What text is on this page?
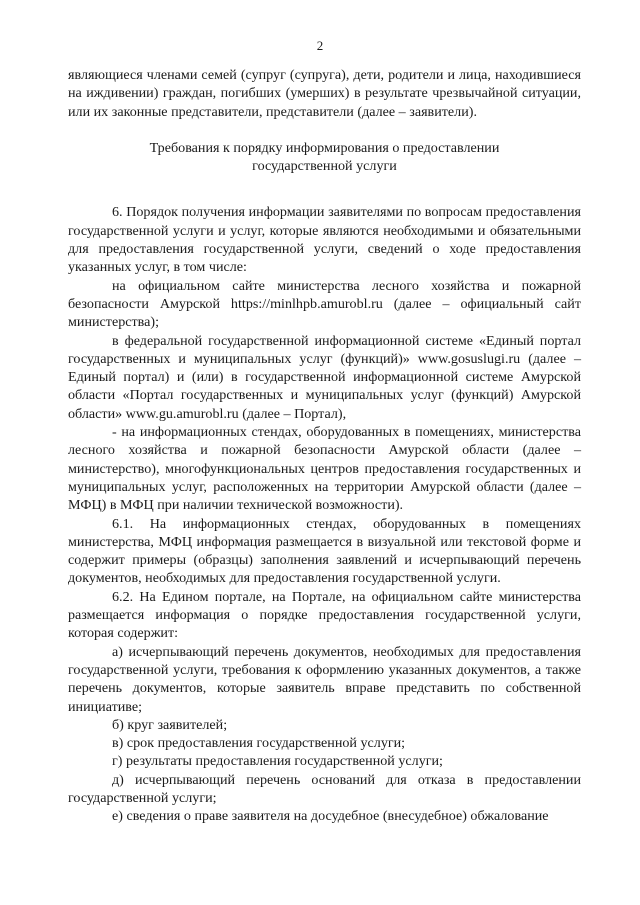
2

являющиеся членами семей (супруг (супруга), дети, родители и лица, находившиеся на иждивении) граждан, погибших (умерших) в результате чрезвычайной ситуации, или их законные представители, представители (далее – заявители).

Требования к порядку информирования о предоставлении
государственной услуги

6. Порядок получения информации заявителями по вопросам предоставления государственной услуги и услуг, которые являются необходимыми и обязательными для предоставления государственной услуги, сведений о ходе предоставления указанных услуг, в том числе:

на официальном сайте министерства лесного хозяйства и пожарной безопасности Амурской https://minlhpb.amurobl.ru (далее – официальный сайт министерства);

в федеральной государственной информационной системе «Единый портал государственных и муниципальных услуг (функций)» www.gosuslugi.ru (далее – Единый портал) и (или) в государственной информационной системе Амурской области «Портал государственных и муниципальных услуг (функций) Амурской области» www.gu.amurobl.ru (далее – Портал),

- на информационных стендах, оборудованных в помещениях, министерства лесного хозяйства и пожарной безопасности Амурской области (далее – министерство), многофункциональных центров предоставления государственных и муниципальных услуг, расположенных на территории Амурской области (далее – МФЦ) в МФЦ при наличии технической возможности).

6.1. На информационных стендах, оборудованных в помещениях министерства, МФЦ информация размещается в визуальной или текстовой форме и содержит примеры (образцы) заполнения заявлений и исчерпывающий перечень документов, необходимых для предоставления государственной услуги.

6.2. На Едином портале, на Портале, на официальном сайте министерства размещается информация о порядке предоставления государственной услуги, которая содержит:

а) исчерпывающий перечень документов, необходимых для предоставления государственной услуги, требования к оформлению указанных документов, а также перечень документов, которые заявитель вправе представить по собственной инициативе;

б) круг заявителей;

в) срок предоставления государственной услуги;

г) результаты предоставления государственной услуги;

д) исчерпывающий перечень оснований для отказа в предоставлении государственной услуги;

е) сведения о праве заявителя на досудебное (внесудебное) обжалование
